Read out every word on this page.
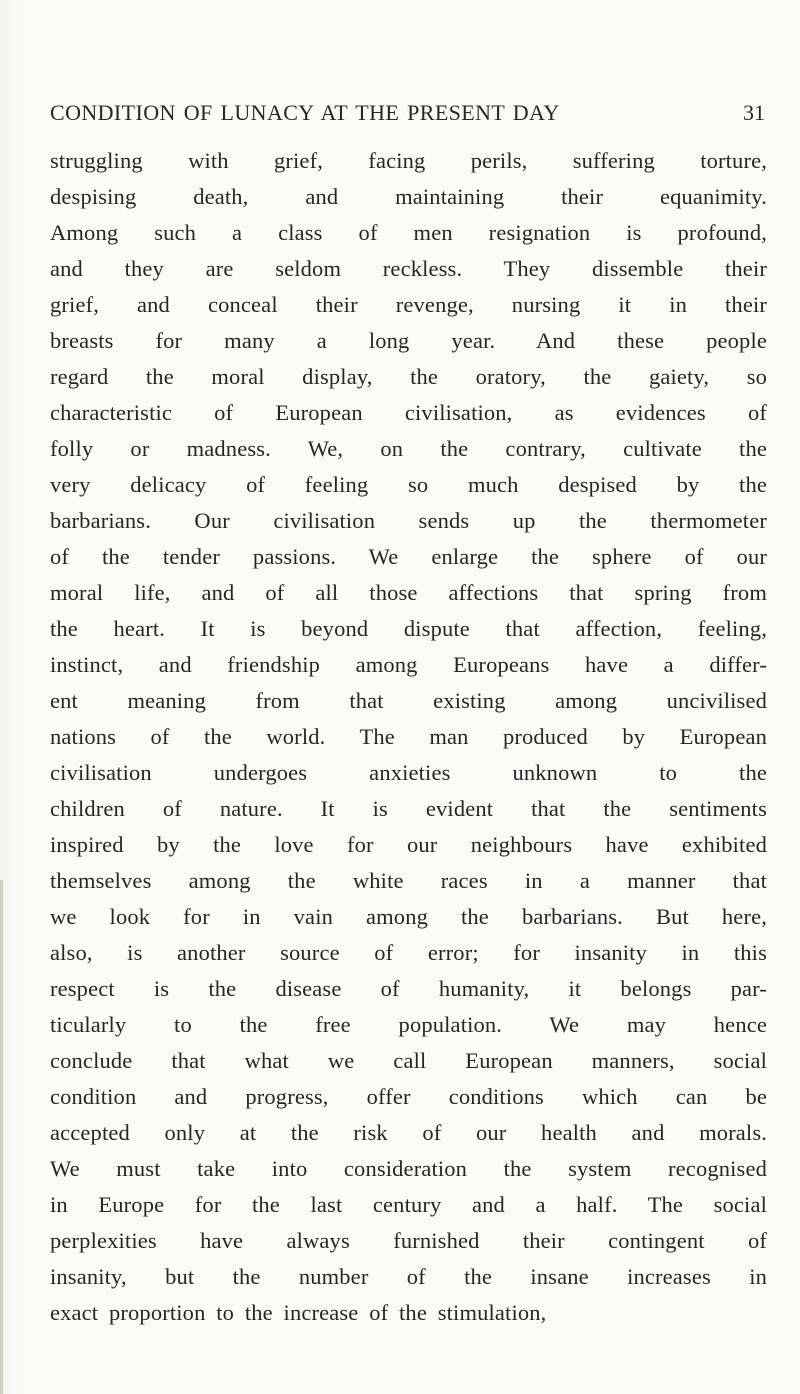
CONDITION OF LUNACY AT THE PRESENT DAY	31
struggling with grief, facing perils, suffering torture,
despising death, and maintaining their equanimity.
Among such a class of men resignation is profound,
and they are seldom reckless. They dissemble their
grief, and conceal their revenge, nursing it in their
breasts for many a long year. And these people
regard the moral display, the oratory, the gaiety, so
characteristic of European civilisation, as evidences of
folly or madness. We, on the contrary, cultivate the
very delicacy of feeling so much despised by the
barbarians. Our civilisation sends up the thermometer
of the tender passions. We enlarge the sphere of our
moral life, and of all those affections that spring from
the heart. It is beyond dispute that affection, feeling,
instinct, and friendship among Europeans have a differ-
ent meaning from that existing among uncivilised
nations of the world. The man produced by European
civilisation undergoes anxieties unknown to the
children of nature. It is evident that the sentiments
inspired by the love for our neighbours have exhibited
themselves among the white races in a manner that
we look for in vain among the barbarians. But here,
also, is another source of error; for insanity in this
respect is the disease of humanity, it belongs par-
ticularly to the free population. We may hence
conclude that what we call European manners, social
condition and progress, offer conditions which can be
accepted only at the risk of our health and morals.
We must take into consideration the system recognised
in Europe for the last century and a half. The social
perplexities have always furnished their contingent of
insanity, but the number of the insane increases in
exact proportion to the increase of the stimulation,
